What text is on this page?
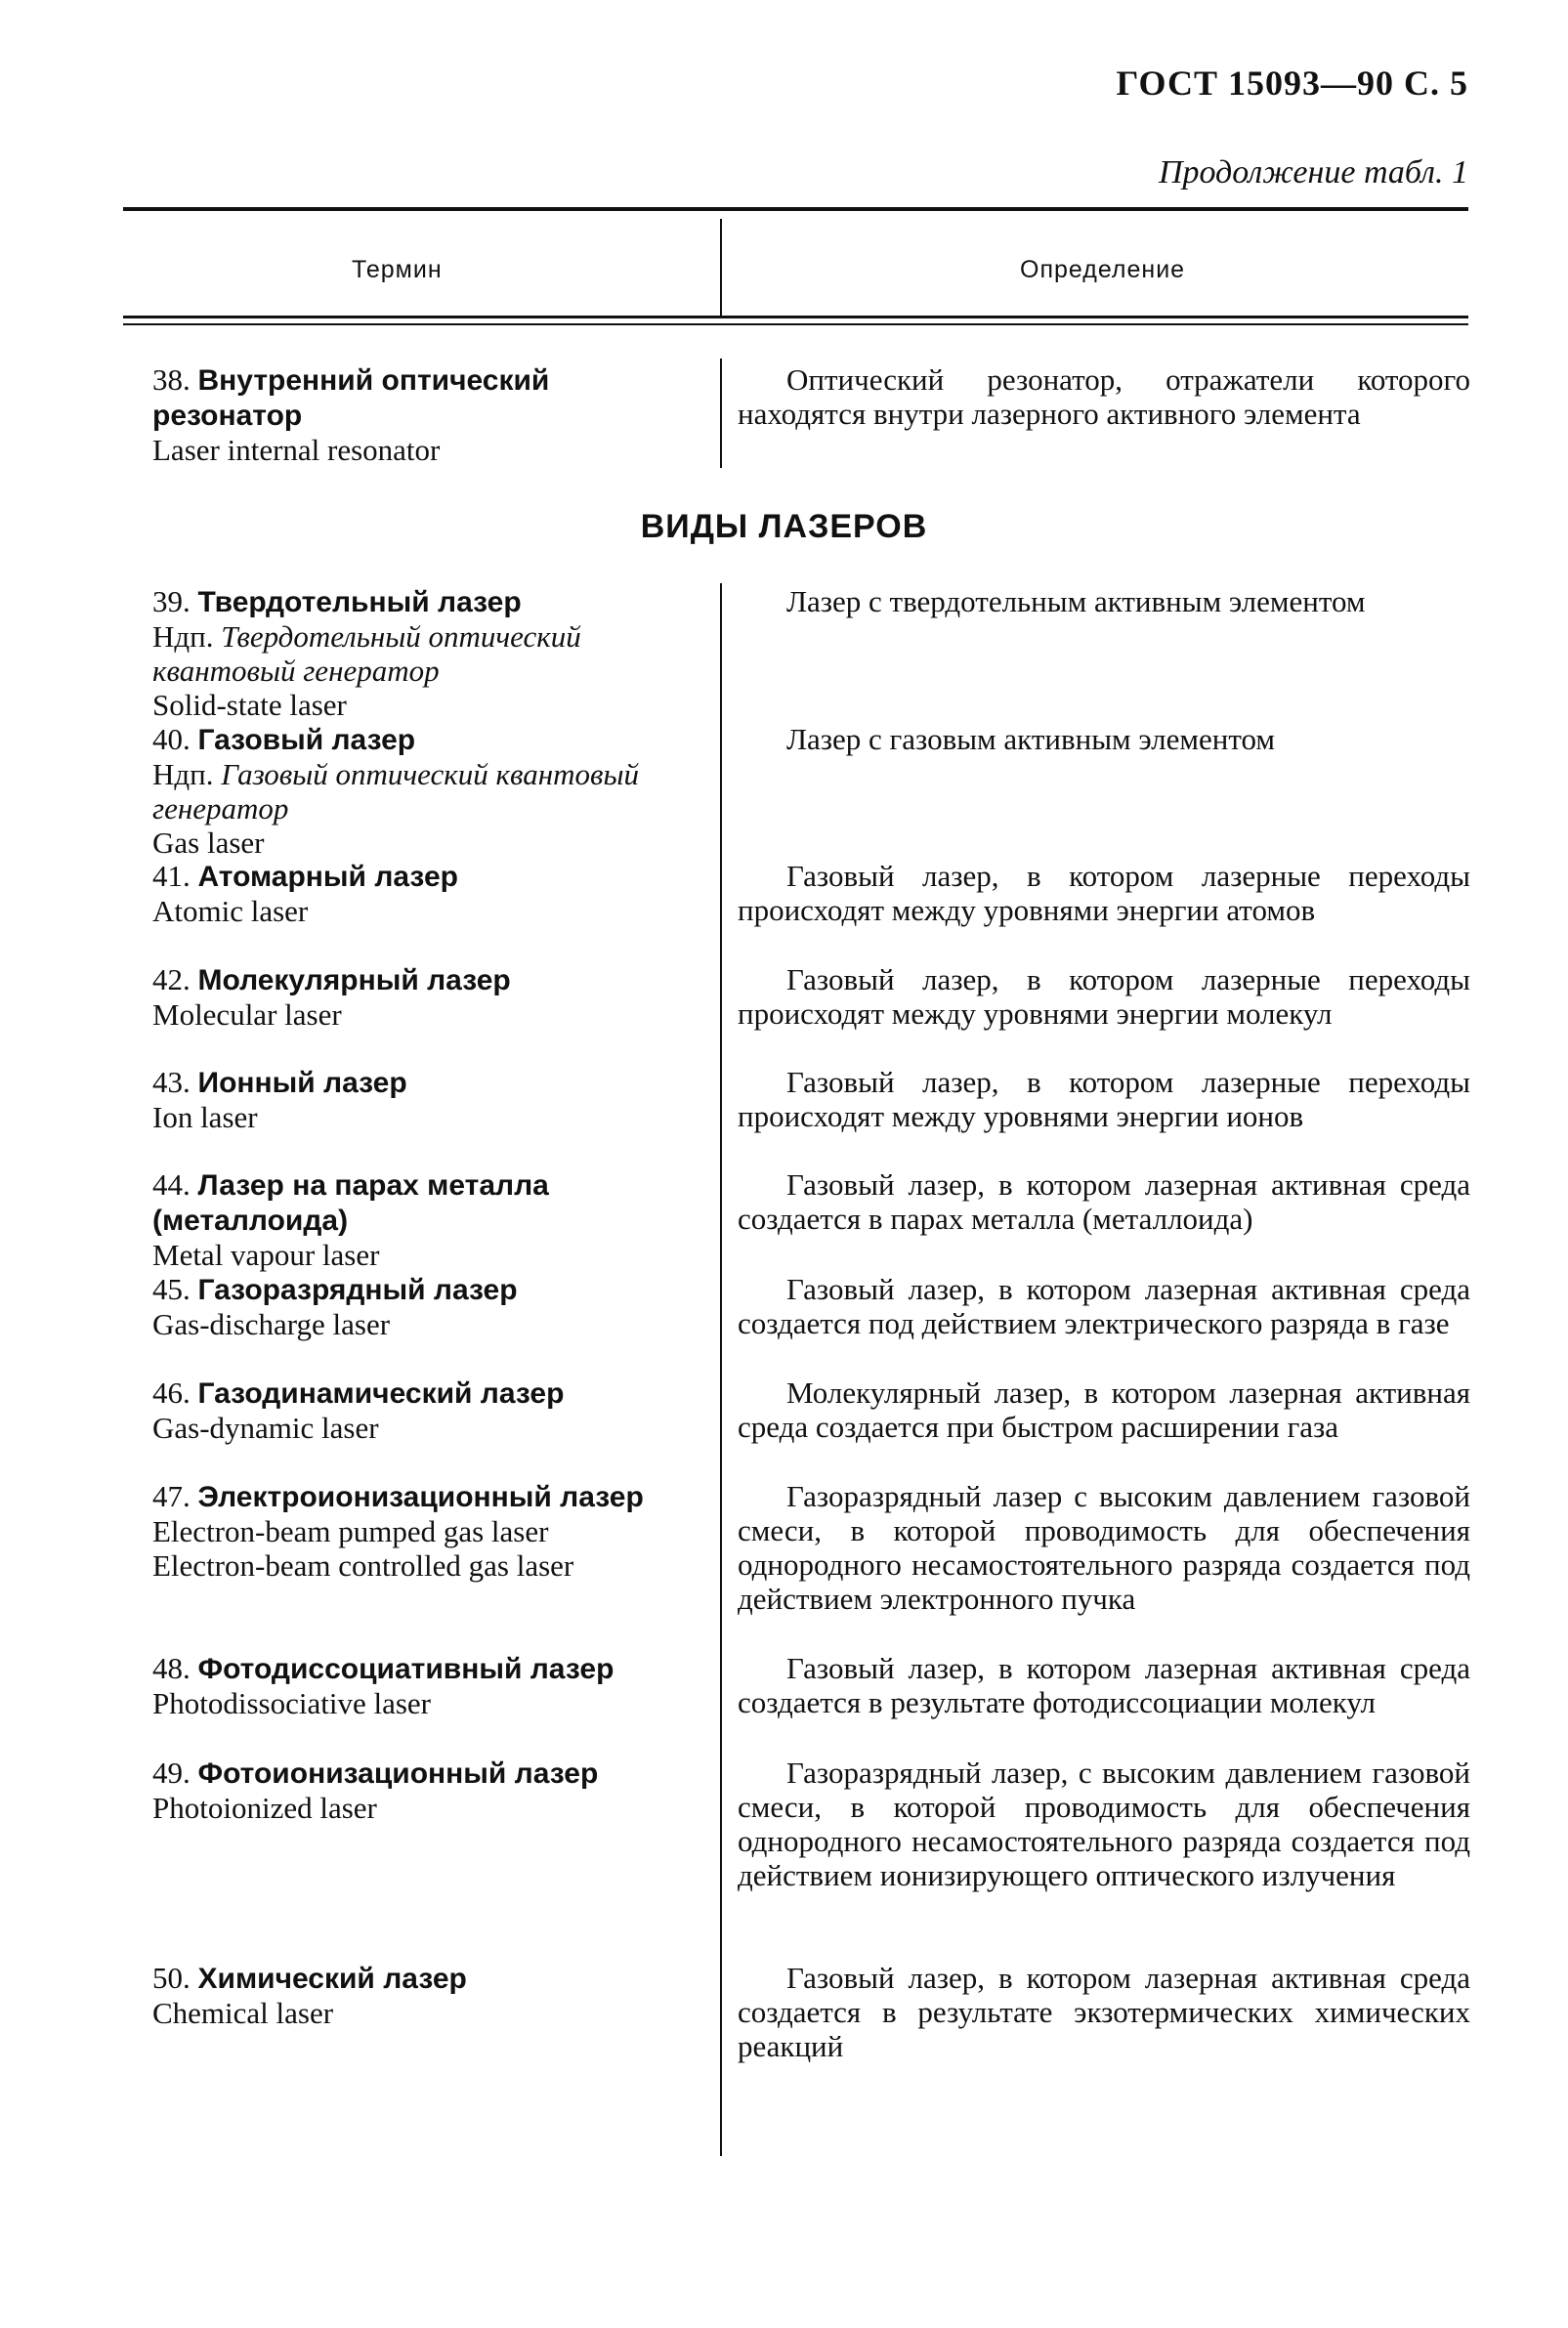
ГОСТ 15093—90 С. 5
Продолжение табл. 1
Термин	Определение
38. Внутренний оптический резонатор
Laser internal resonator
Оптический резонатор, отражатели которого находятся внутри лазерного активного элемента
ВИДЫ ЛАЗЕРОВ
39. Твердотельный лазер
Ндп. Твердотельный оптический квантовый генератор
Solid-state laser
Лазер с твердотельным активным элементом
40. Газовый лазер
Ндп. Газовый оптический квантовый генератор
Gas laser
Лазер с газовым активным элементом
41. Атомарный лазер
Atomic laser
Газовый лазер, в котором лазерные переходы происходят между уровнями энергии атомов
42. Молекулярный лазер
Molecular laser
Газовый лазер, в котором лазерные переходы происходят между уровнями энергии молекул
43. Ионный лазер
Ion laser
Газовый лазер, в котором лазерные переходы происходят между уровнями энергии ионов
44. Лазер на парах металла (металлоида)
Metal vapour laser
Газовый лазер, в котором лазерная активная среда создается в парах металла (металлоида)
45. Газоразрядный лазер
Gas-discharge laser
Газовый лазер, в котором лазерная активная среда создается под действием электрического разряда в газе
46. Газодинамический лазер
Gas-dynamic laser
Молекулярный лазер, в котором лазерная активная среда создается при быстром расширении газа
47. Электроионизационный лазер
Electron-beam pumped gas laser
Electron-beam controlled gas laser
Газоразрядный лазер с высоким давлением газовой смеси, в которой проводимость для обеспечения однородного несамостоятельного разряда создается под действием электронного пучка
48. Фотодиссоциативный лазер
Photodissociative laser
Газовый лазер, в котором лазерная активная среда создается в результате фотодиссоциации молекул
49. Фотоионизационный лазер
Photoionized laser
Газоразрядный лазер, с высоким давлением газовой смеси, в которой проводимость для обеспечения однородного несамостоятельного разряда создается под действием ионизирующего оптического излучения
50. Химический лазер
Chemical laser
Газовый лазер, в котором лазерная активная среда создается в результате экзотермических химических реакций
